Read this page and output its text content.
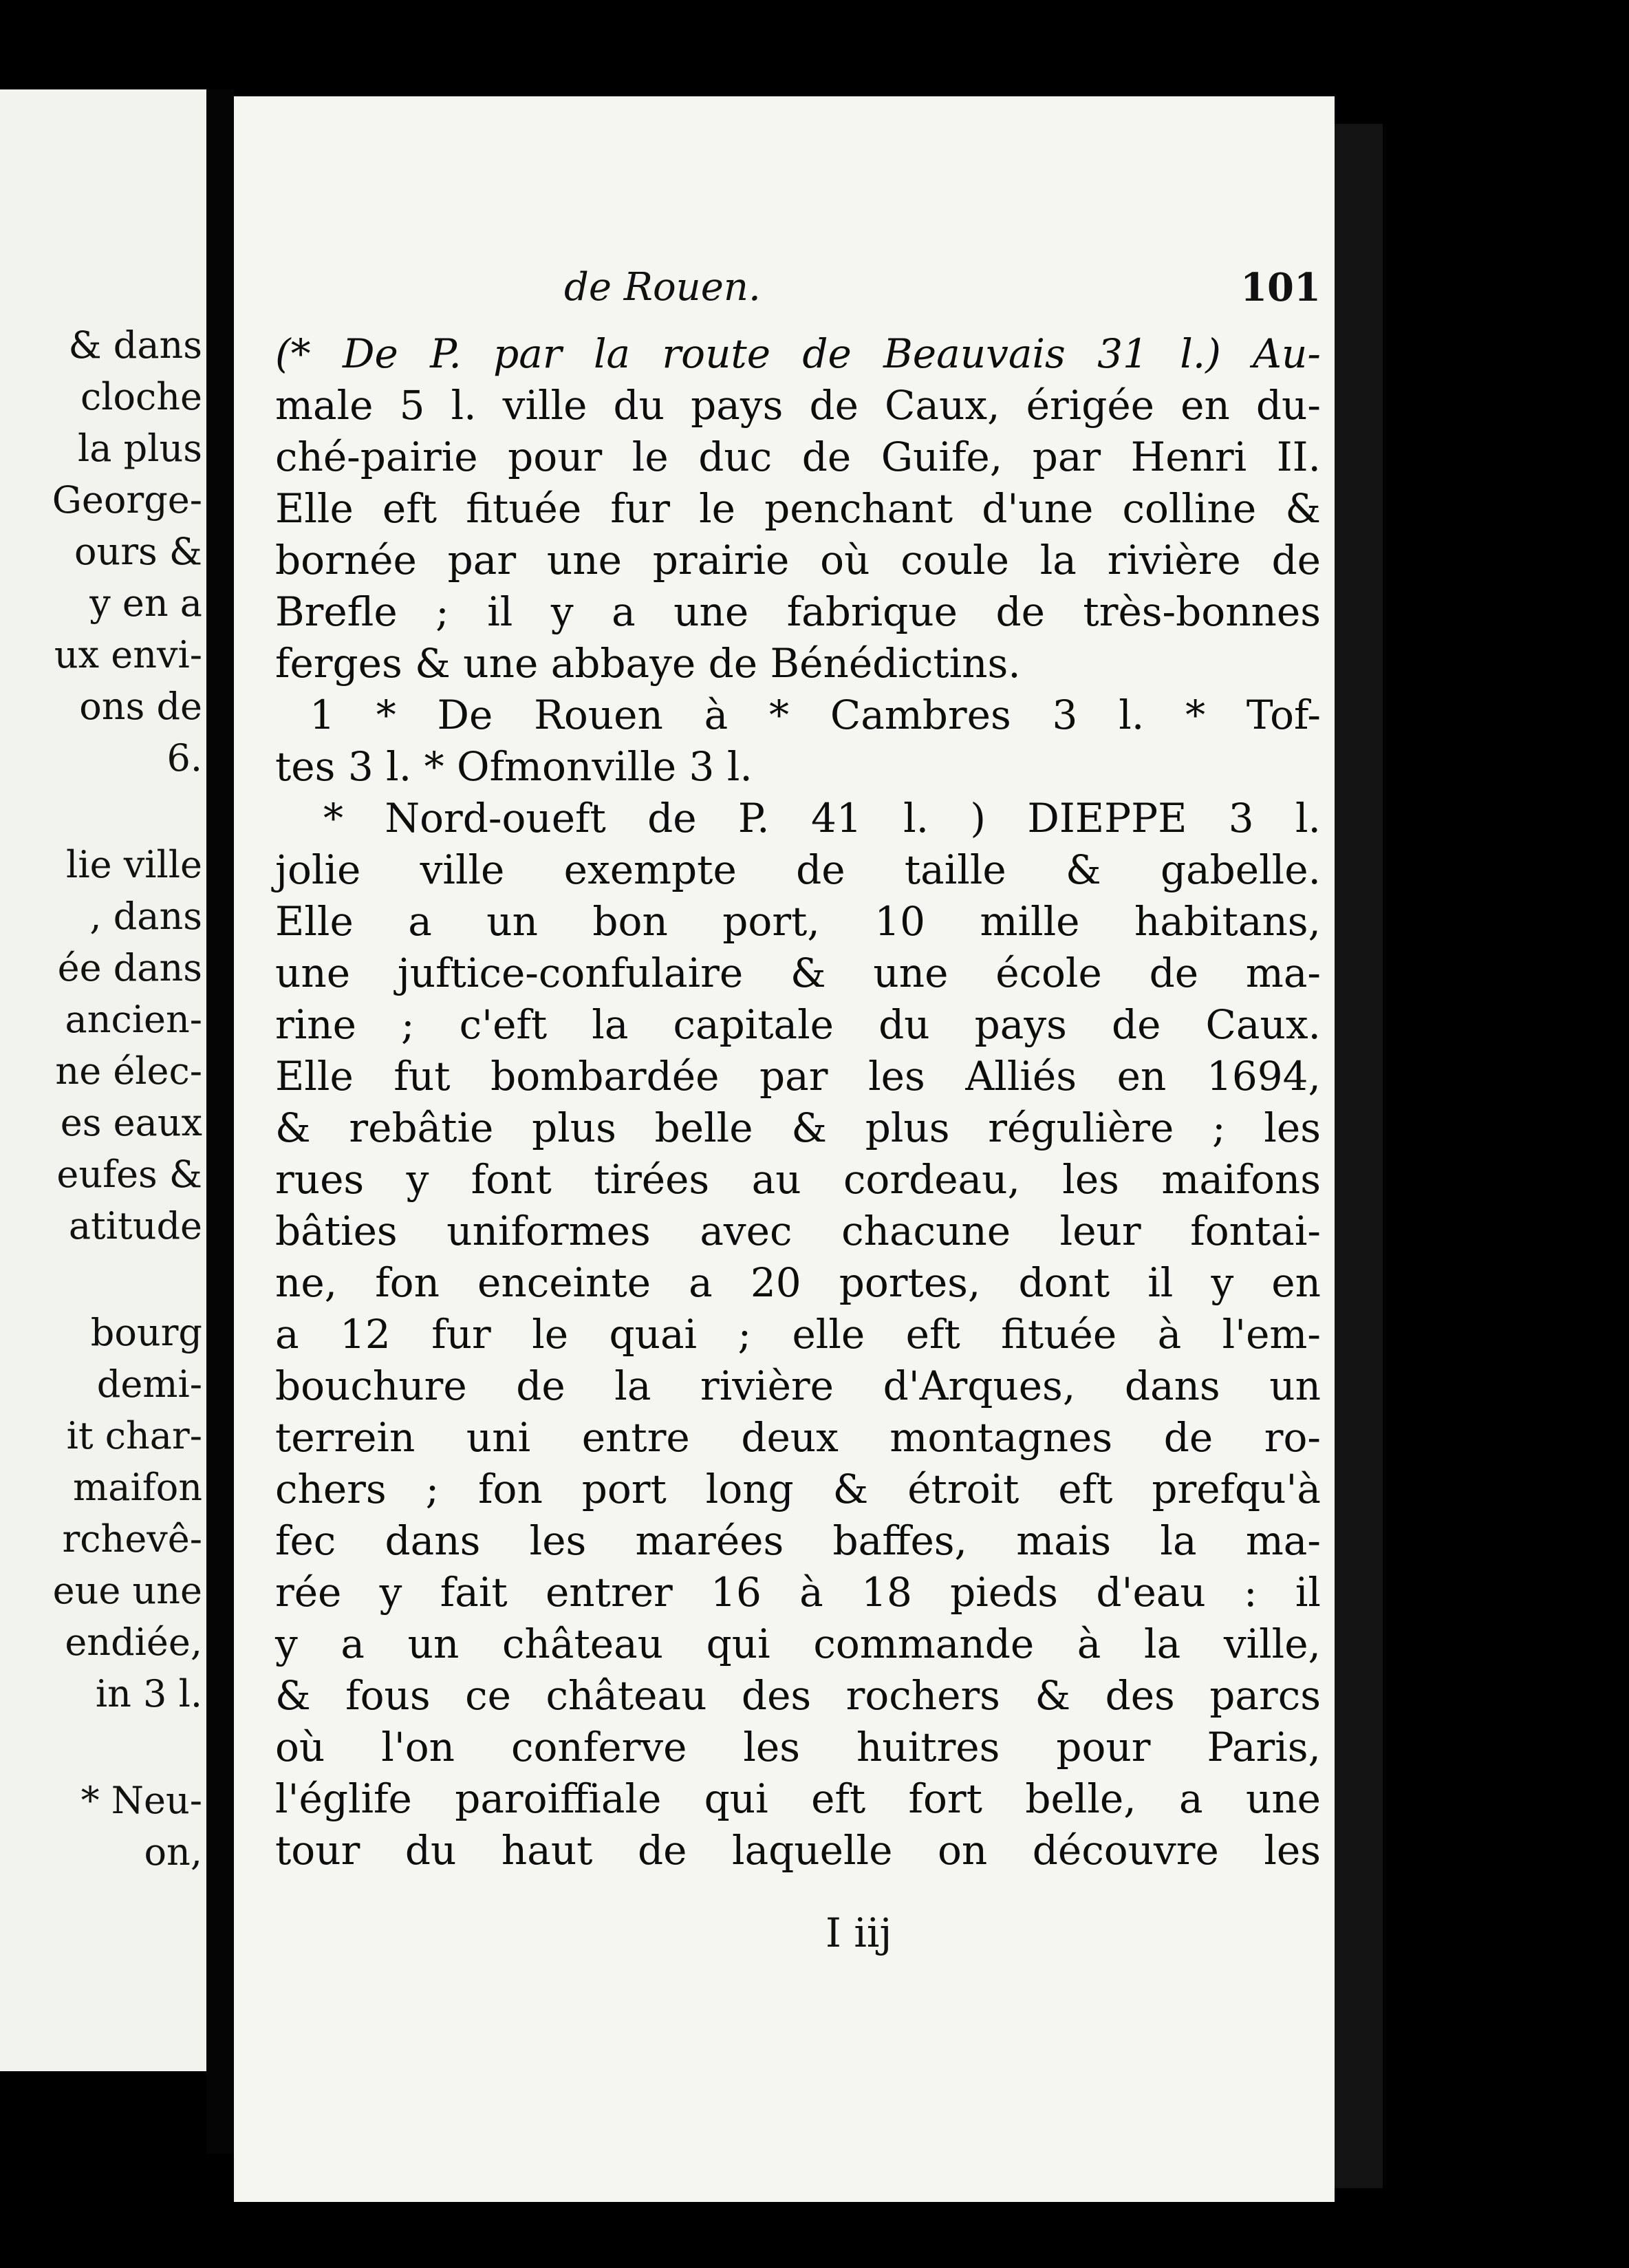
& dans
cloche
la plus
George-
ours &
y en a
ux envi-
ons de
6.
lie ville
, dans
ée dans
ancien-
ne élec-
es eaux
eufes &
atitude
bourg
demi-
it char-
maifon
rchevê-
eue une
endiée,
in 3 l.
* Neu-
on,
de Rouen.	101
(* De P. par la route de Beauvais 31 l.) Au-
male 5 l. ville du pays de Caux, érigée en du-
ché-pairie pour le duc de Guife, par Henri II.
Elle eft fituée fur le penchant d'une colline &
bornée par une prairie où coule la rivière de
Brefle ; il y a une fabrique de très-bonnes
ferges & une abbaye de Bénédictins.
1 * De Rouen à * Cambres 3 l. * Tof-
tes 3 l. * Ofmonville 3 l.
* Nord-oueft de P. 41 l. ) DIEPPE 3 l.
jolie ville exempte de taille & gabelle.
Elle a un bon port, 10 mille habitans,
une juftice-confulaire & une école de ma-
rine ; c'eft la capitale du pays de Caux.
Elle fut bombardée par les Alliés en 1694,
& rebâtie plus belle & plus régulière ; les
rues y font tirées au cordeau, les maifons
bâties uniformes avec chacune leur fontai-
ne, fon enceinte a 20 portes, dont il y en
a 12 fur le quai ; elle eft fituée à l'em-
bouchure de la rivière d'Arques, dans un
terrein uni entre deux montagnes de ro-
chers ; fon port long & étroit eft prefqu'à
fec dans les marées baffes, mais la ma-
rée y fait entrer 16 à 18 pieds d'eau : il
y a un château qui commande à la ville,
& fous ce château des rochers & des parcs
où l'on conferve les huitres pour Paris,
l'églife paroiffiale qui eft fort belle, a une
tour du haut de laquelle on découvre les
I iij
